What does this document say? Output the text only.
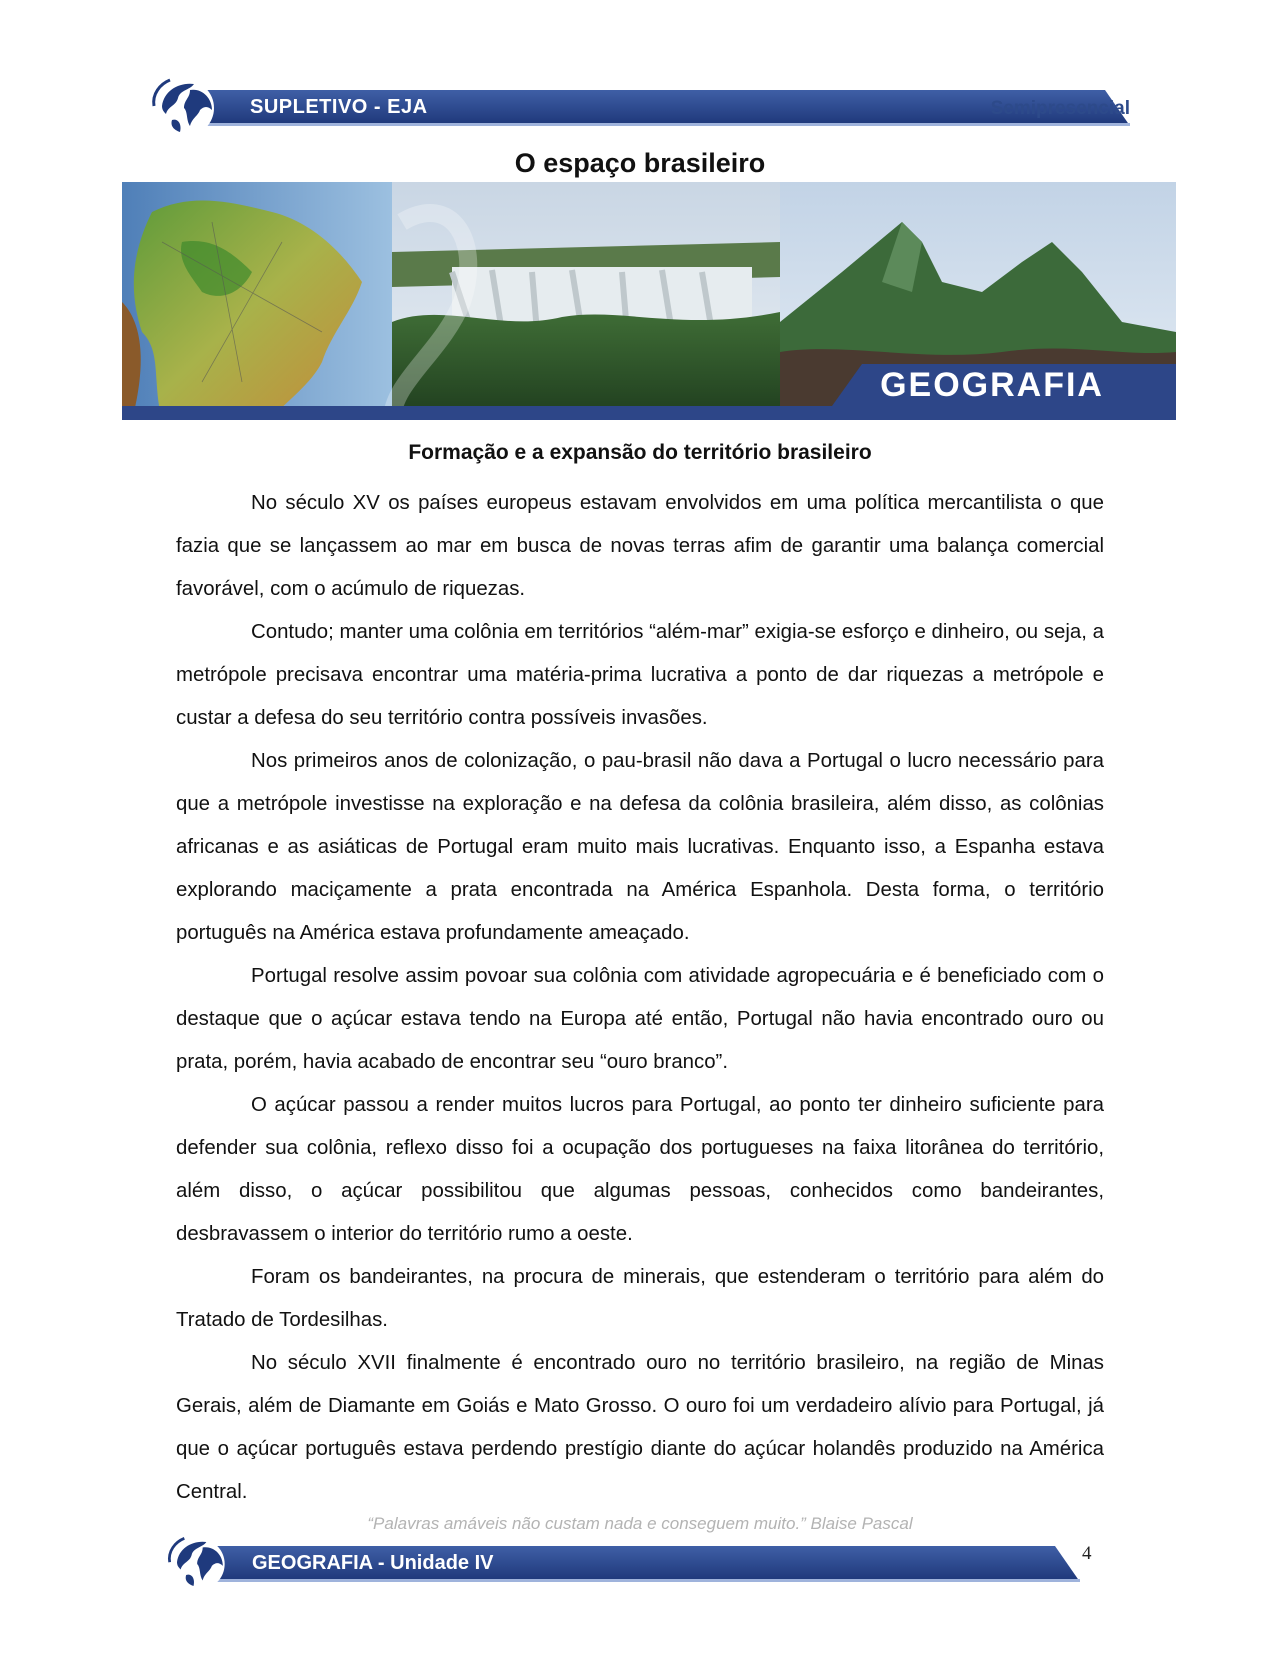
SUPLETIVO - EJA	Semipresencial
O espaço brasileiro
GEOGRAFIA
Formação e a expansão do território brasileiro

No século XV os países europeus estavam envolvidos em uma política mercantilista o que fazia que se lançassem ao mar em busca de novas terras afim de garantir uma balança comercial favorável, com o acúmulo de riquezas.

Contudo; manter uma colônia em territórios “além-mar” exigia-se esforço e dinheiro, ou seja, a metrópole precisava encontrar uma matéria-prima lucrativa a ponto de dar riquezas a metrópole e custar a defesa do seu território contra possíveis invasões.

Nos primeiros anos de colonização, o pau-brasil não dava a Portugal o lucro necessário para que a metrópole investisse na exploração e na defesa da colônia brasileira, além disso, as colônias africanas e as asiáticas de Portugal eram muito mais lucrativas. Enquanto isso, a Espanha estava explorando maciçamente a prata encontrada na América Espanhola. Desta forma, o território português na América estava profundamente ameaçado.

Portugal resolve assim povoar sua colônia com atividade agropecuária e é beneficiado com o destaque que o açúcar estava tendo na Europa até então, Portugal não havia encontrado ouro ou prata, porém, havia acabado de encontrar seu “ouro branco”.

O açúcar passou a render muitos lucros para Portugal, ao ponto ter dinheiro suficiente para defender sua colônia, reflexo disso foi a ocupação dos portugueses na faixa litorânea do território, além disso, o açúcar possibilitou que algumas pessoas, conhecidos como bandeirantes, desbravassem o interior do território rumo a oeste.

Foram os bandeirantes, na procura de minerais, que estenderam o território para além do Tratado de Tordesilhas.

No século XVII finalmente é encontrado ouro no território brasileiro, na região de Minas Gerais, além de Diamante em Goiás e Mato Grosso. O ouro foi um verdadeiro alívio para Portugal, já que o açúcar português estava perdendo prestígio diante do açúcar holandês produzido na América Central.

“Palavras amáveis não custam nada e conseguem muito.” Blaise Pascal
GEOGRAFIA - Unidade IV	4
